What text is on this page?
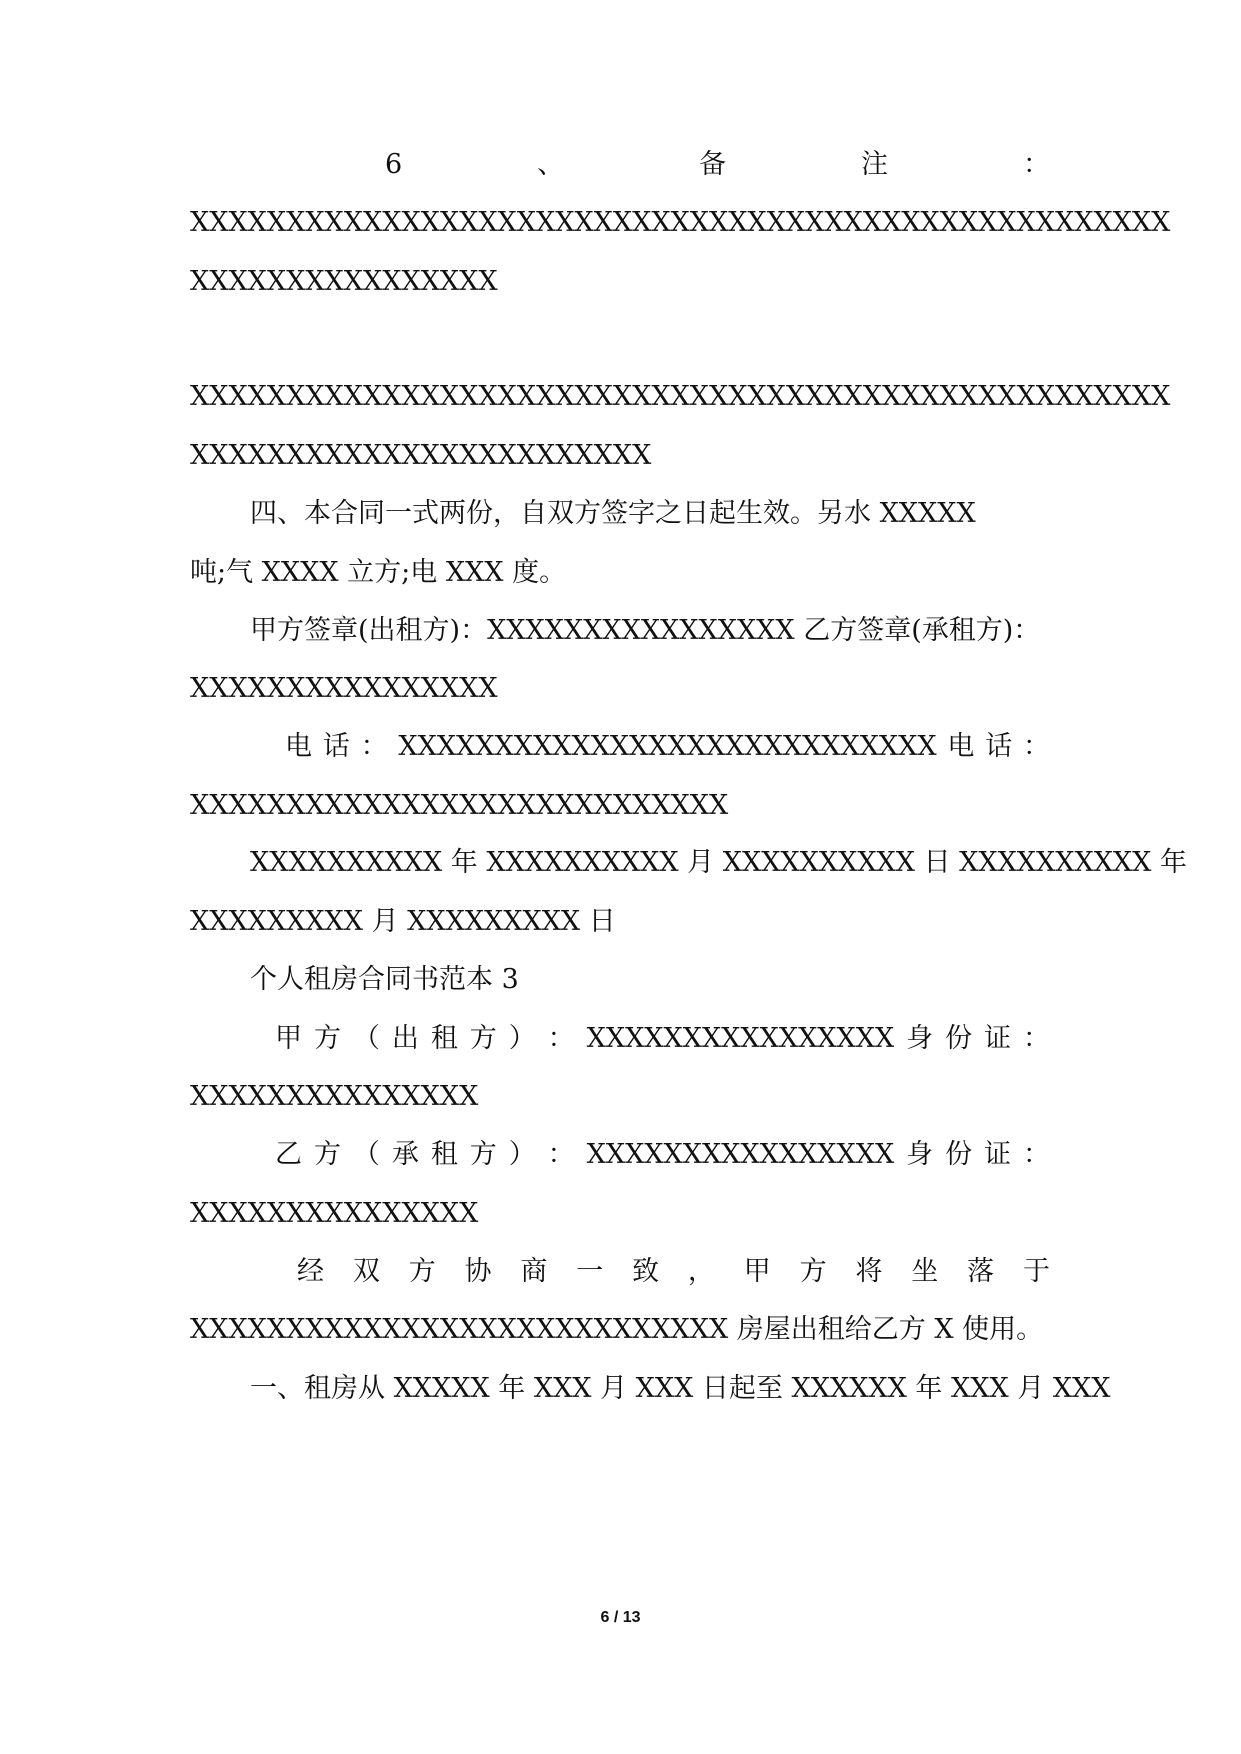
6	、	备	注	：
XXXXXXXXXXXXXXXXXXXXXXXXXXXXXXXXXXXXXXXXXXXXXXXXXXX
XXXXXXXXXXXXXXXX
XXXXXXXXXXXXXXXXXXXXXXXXXXXXXXXXXXXXXXXXXXXXXXXXXXX
XXXXXXXXXXXXXXXXXXXXXXXX
四、本合同一式两份，自双方签字之日起生效。另水 XXXXX
吨;气 XXXX 立方;电 XXX 度。
甲方签章(出租方)：XXXXXXXXXXXXXXXX 乙方签章(承租方)：
XXXXXXXXXXXXXXXX
电 话 ： XXXXXXXXXXXXXXXXXXXXXXXXXXXX 电 话 ：
XXXXXXXXXXXXXXXXXXXXXXXXXXXX
XXXXXXXXXX 年 XXXXXXXXXX 月 XXXXXXXXXX 日 XXXXXXXXXX 年
XXXXXXXXX 月 XXXXXXXXX 日
个人租房合同书范本 3
甲 方 （ 出 租 方 ） ： XXXXXXXXXXXXXXXX 身 份 证 ：
XXXXXXXXXXXXXXX
乙 方 （ 承 租 方 ） ： XXXXXXXXXXXXXXXX 身 份 证 ：
XXXXXXXXXXXXXXX
经 双 方 协 商 一 致 ， 甲 方 将 坐 落 于
XXXXXXXXXXXXXXXXXXXXXXXXXXXX 房屋出租给乙方 X 使用。
一、租房从 XXXXX 年 XXX 月 XXX 日起至 XXXXXX 年 XXX 月 XXX
6 / 13
